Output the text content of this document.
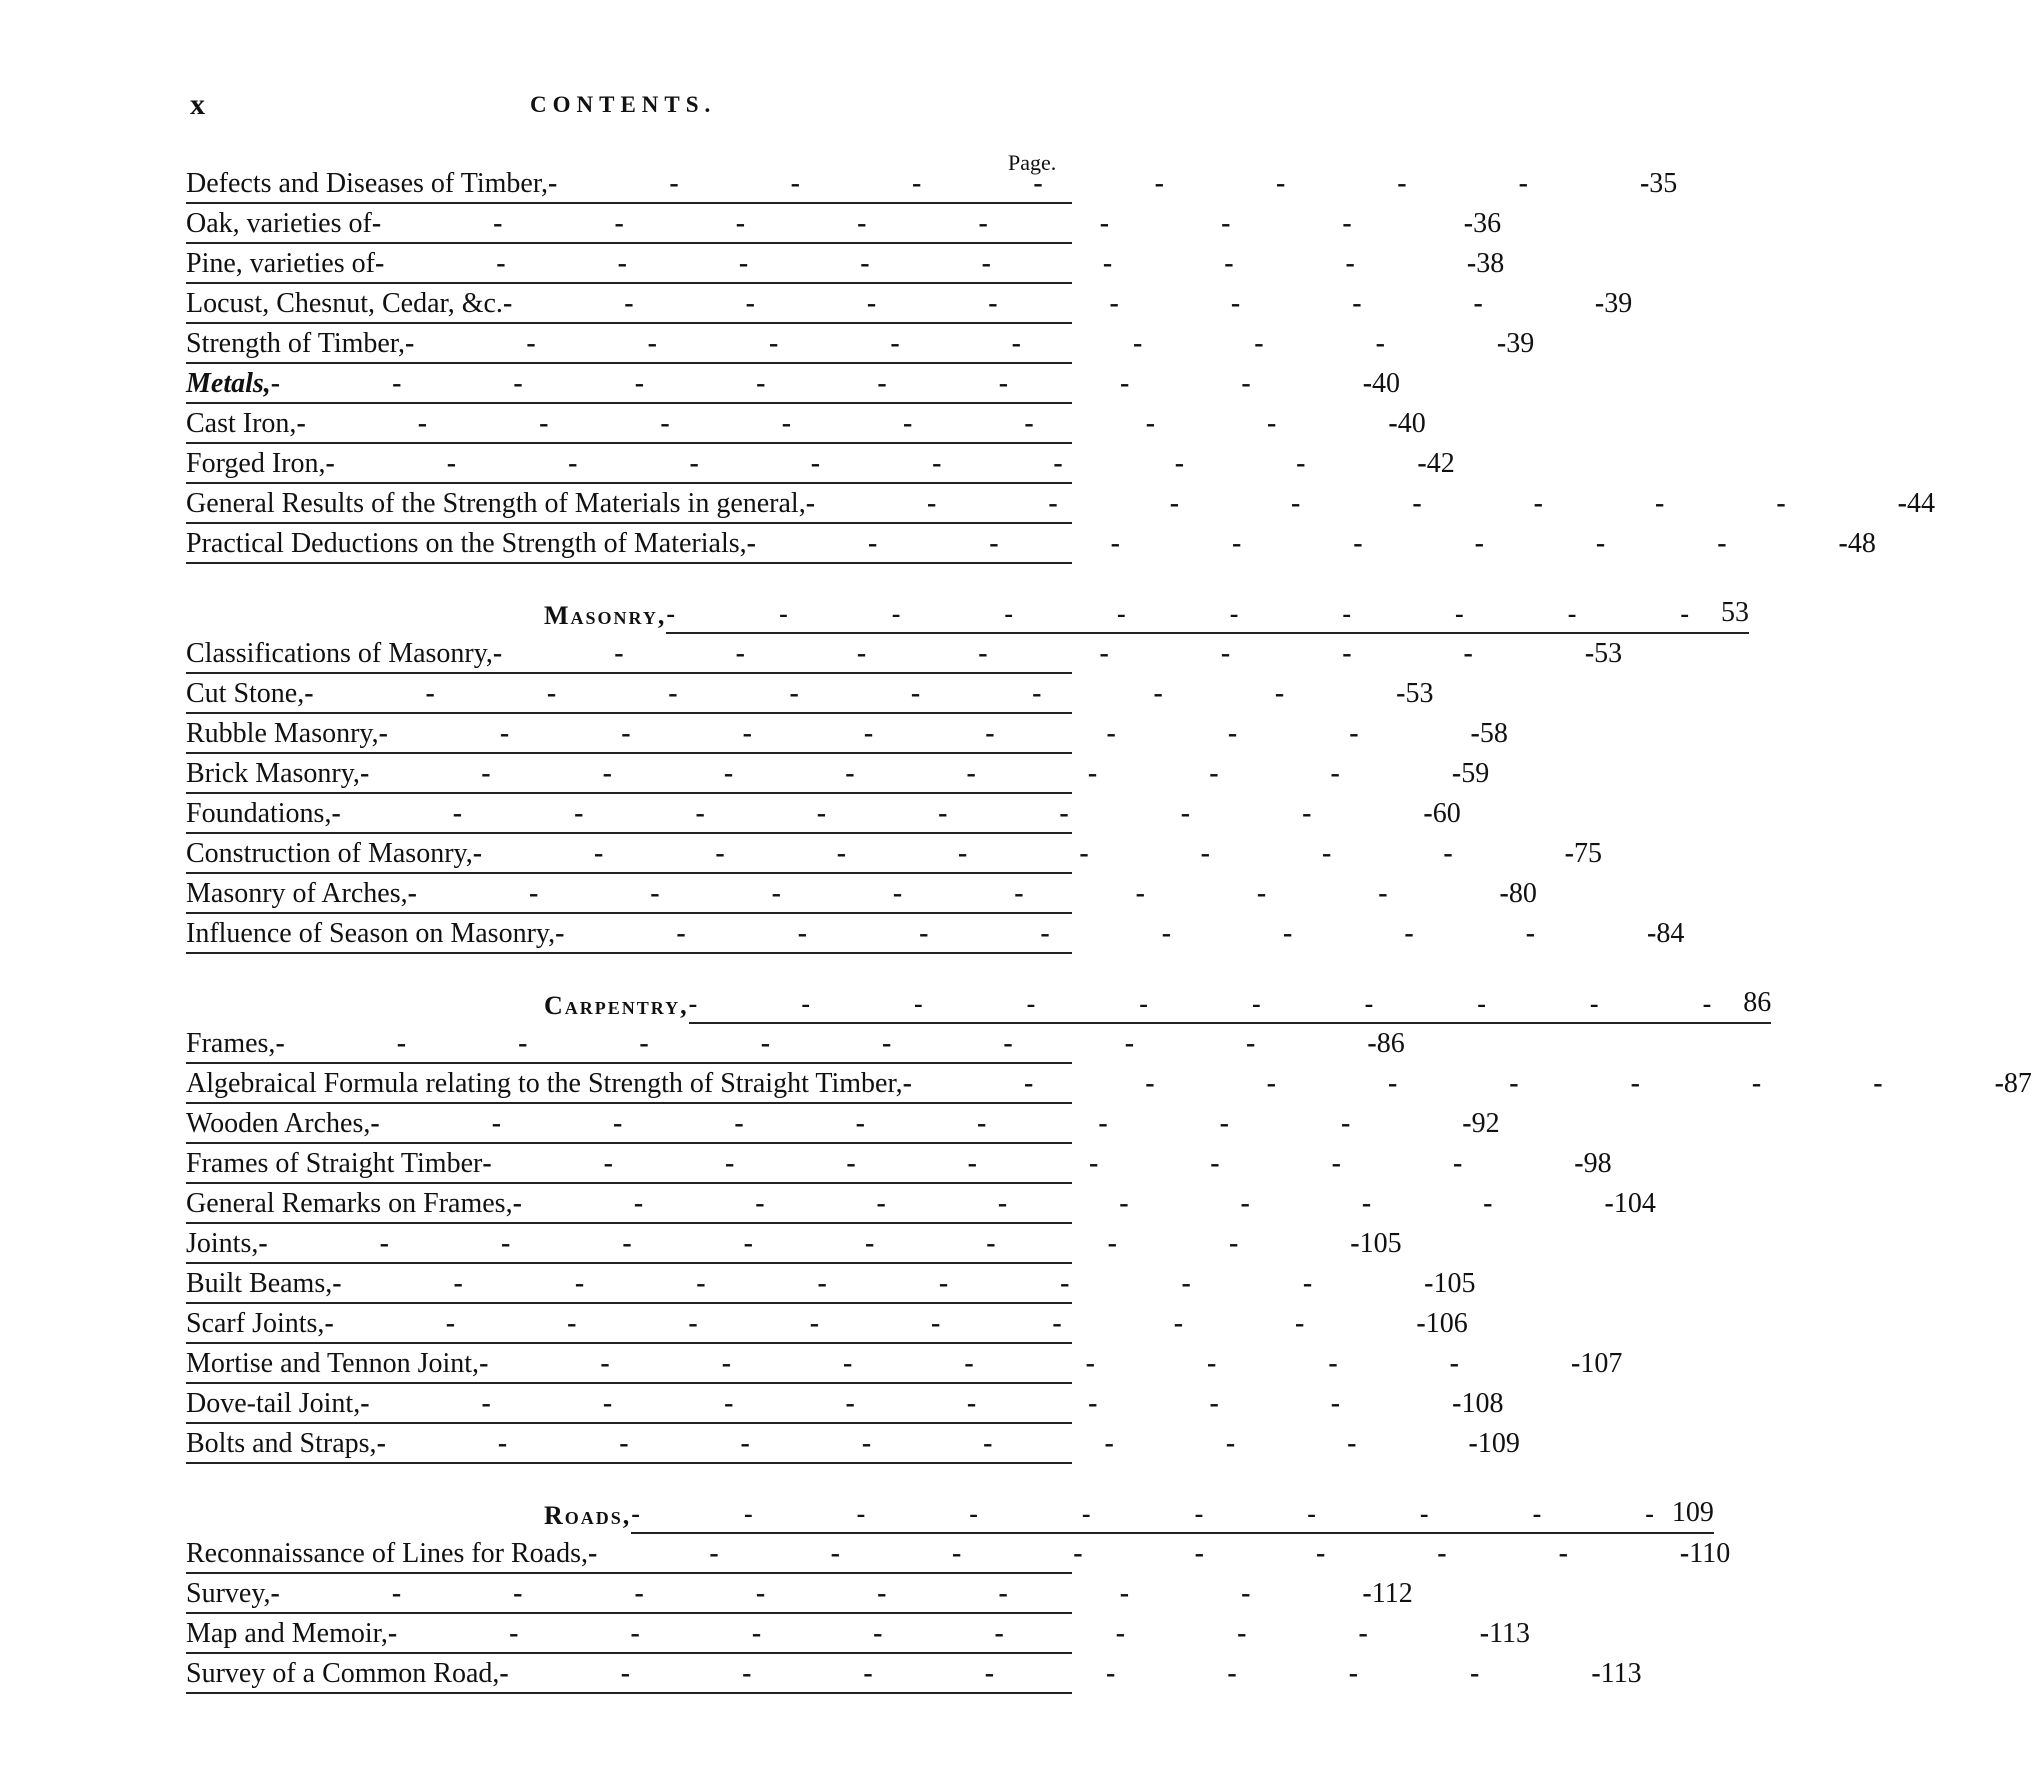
x	CONTENTS.
Page.
Defects and Diseases of Timber, -    -    -    -    -    -    -    -    -    - 35
Oak, varieties of -    -    -    -    -    -    -    -    -    - 36
Pine, varieties of -    -    -    -    -    -    -    -    -    - 38
Locust, Chesnut, Cedar, &c. -    -    -    -    -    -    -    -    -    - 39
Strength of Timber, -    -    -    -    -    -    -    -    -    - 39
Metals, -    -    -    -    -    -    -    -    -    - 40
Cast Iron, -    -    -    -    -    -    -    -    -    - 40
Forged Iron, -    -    -    -    -    -    -    -    -    - 42
General Results of the Strength of Materials in general, -    -    -    -    -    -    -    -    -    - 44
Practical Deductions on the Strength of Materials, -    -    -    -    -    -    -    -    -    - 48
Masonry, -    -    -    -    -    -    -    -    -    -	53
Classifications of Masonry, -    -    -    -    -    -    -    -    -    - 53
Cut Stone, -    -    -    -    -    -    -    -    -    - 53
Rubble Masonry, -    -    -    -    -    -    -    -    -    - 58
Brick Masonry, -    -    -    -    -    -    -    -    -    - 59
Foundations, -    -    -    -    -    -    -    -    -    - 60
Construction of Masonry, -    -    -    -    -    -    -    -    -    - 75
Masonry of Arches, -    -    -    -    -    -    -    -    -    - 80
Influence of Season on Masonry, -    -    -    -    -    -    -    -    -    - 84
Carpentry, -    -    -    -    -    -    -    -    -    -	86
Frames, -    -    -    -    -    -    -    -    -    - 86
Algebraical Formula relating to the Strength of Straight Timber, -    -    -    -    -    -    -    -    -    - 87
Wooden Arches, -    -    -    -    -    -    -    -    -    - 92
Frames of Straight Timber -    -    -    -    -    -    -    -    -    - 98
General Remarks on Frames, -    -    -    -    -    -    -    -    -    - 104
Joints, -    -    -    -    -    -    -    -    -    - 105
Built Beams, -    -    -    -    -    -    -    -    -    - 105
Scarf Joints, -    -    -    -    -    -    -    -    -    - 106
Mortise and Tennon Joint, -    -    -    -    -    -    -    -    -    - 107
Dove-tail Joint, -    -    -    -    -    -    -    -    -    - 108
Bolts and Straps, -    -    -    -    -    -    -    -    -    - 109
Roads, -    -    -    -    -    -    -    -    -    - 109
Reconnaissance of Lines for Roads, -    -    -    -    -    -    -    -    -    - 110
Survey, -    -    -    -    -    -    -    -    -    - 112
Map and Memoir, -    -    -    -    -    -    -    -    -    - 113
Survey of a Common Road, -    -    -    -    -    -    -    -    -    - 113
